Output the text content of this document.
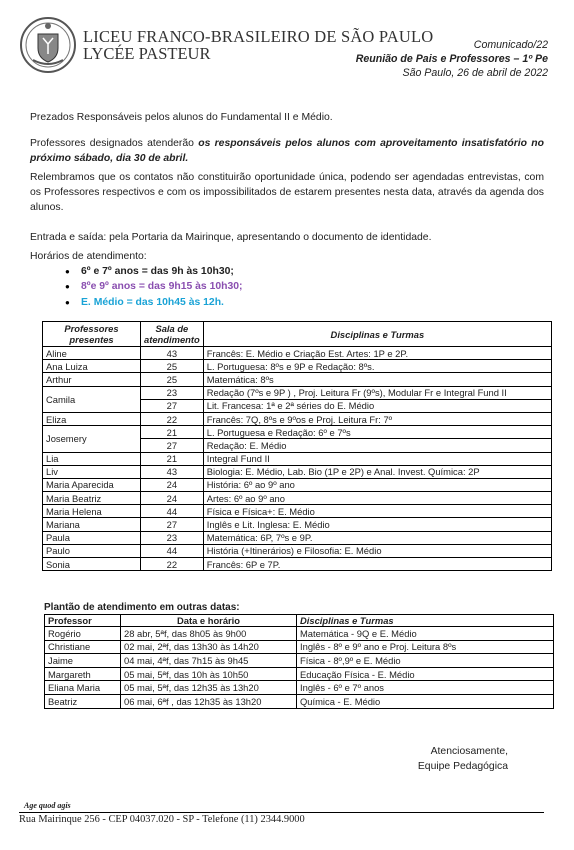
LICEU FRANCO-BRASILEIRO DE SÃO PAULO
LYCÉE PASTEUR	Comunicado/22
Reunião de Pais e Professores – 1º Pe
São Paulo, 26 de abril de 2022

Prezados Responsáveis pelos alunos do Fundamental II e Médio.

Professores designados atenderão os responsáveis pelos alunos com aproveitamento insatisfatório no próximo sábado, dia 30 de abril.

Relembramos que os contatos não constituirão oportunidade única, podendo ser agendadas entrevistas, com os Professores respectivos e com os impossibilitados de estarem presentes nesta data, através da agenda dos alunos.

Entrada e saída: pela Portaria da Mairinque, apresentando o documento de identidade.

Horários de atendimento:

● 6º e 7º anos = das 9h às 10h30;
● 8ºe 9º anos = das 9h15 às 10h30;
● E. Médio = das 10h45 às 12h.
Professores presentes	Sala de atendimento	Disciplinas e Turmas
Aline	43	Francês: E. Médio e Criação Est. Artes: 1P e 2P.
Ana Luiza	25	L. Portuguesa: 8ºs e 9P e Redação: 8ºs.
Arthur	25	Matemática: 8ºs
Camila	23	Redação (7ºs e 9P ) , Proj. Leitura Fr (9ºs), Modular Fr e Integral Fund II
	27	Lit. Francesa: 1ª e 2ª séries do E. Médio
Eliza	22	Francês: 7Q, 8ºs e 9ºos e Proj. Leitura Fr: 7º
Josemery	21	L. Portuguesa e Redação: 6º e 7ºs
	27	Redação: E. Médio
Lia	21	Integral Fund II
Liv	43	Biologia: E. Médio, Lab. Bio (1P e 2P) e Anal. Invest. Química: 2P
Maria Aparecida	24	História: 6º ao 9º ano
Maria Beatriz	24	Artes: 6º ao 9º ano
Maria Helena	44	Física e Física+: E. Médio
Mariana	27	Inglês e Lit. Inglesa: E. Médio
Paula	23	Matemática: 6P, 7ºs e 9P.
Paulo	44	História (+Itinerários) e Filosofia: E. Médio
Sonia	22	Francês: 6P e 7P.
Plantão de atendimento em outras datas:
Professor	Data e horário	Disciplinas e Turmas
Rogério	28 abr, 5ªf, das 8h05 às 9h00	Matemática - 9Q e E. Médio
Christiane	02 mai, 2ªf, das 13h30 às 14h20	Inglês - 8º e 9º ano e Proj. Leitura 8ºs
Jaime	04 mai, 4ªf, das 7h15 às 9h45	Física - 8º,9º e E. Médio
Margareth	05 mai, 5ªf, das 10h às 10h50	Educação Física - E. Médio
Eliana Maria	05 mai, 5ªf, das 12h35 às 13h20	Inglês - 6º e 7º anos
Beatriz	06 mai, 6ªf , das 12h35 às 13h20	Química - E. Médio
Atenciosamente,
Equipe Pedagógica
Age quod agis
Rua Mairinque 256 - CEP 04037.020 - SP - Telefone (11) 2344.9000
